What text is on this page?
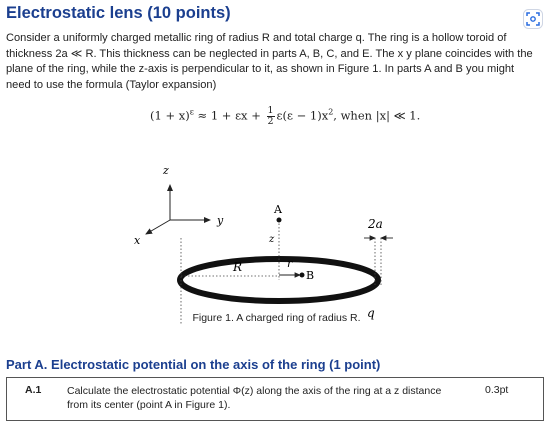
Electrostatic lens (10 points)
Consider a uniformly charged metallic ring of radius R and total charge q. The ring is a hollow toroid of
thickness 2a ≪ R. This thickness can be neglected in parts A, B, C, and E. The x y plane coincides with the
plane of the ring, while the z-axis is perpendicular to it, as shown in Figure 1. In parts A and B you might
need to use the formula (Taylor expansion)
$(1 + x)^\varepsilon \approx 1 + \varepsilon x + \frac{1}{2} \varepsilon(\varepsilon - 1)x^2$, when |x| ≪ 1.
z
y
x
A
z
2a
R	r
B
q
Figure 1. A charged ring of radius R.
Part A. Electrostatic potential on the axis of the ring (1 point)
A.1 Calculate the electrostatic potential Φ(z) along the axis of the ring at a z distance
from its center (point A in Figure 1).
0.3pt
